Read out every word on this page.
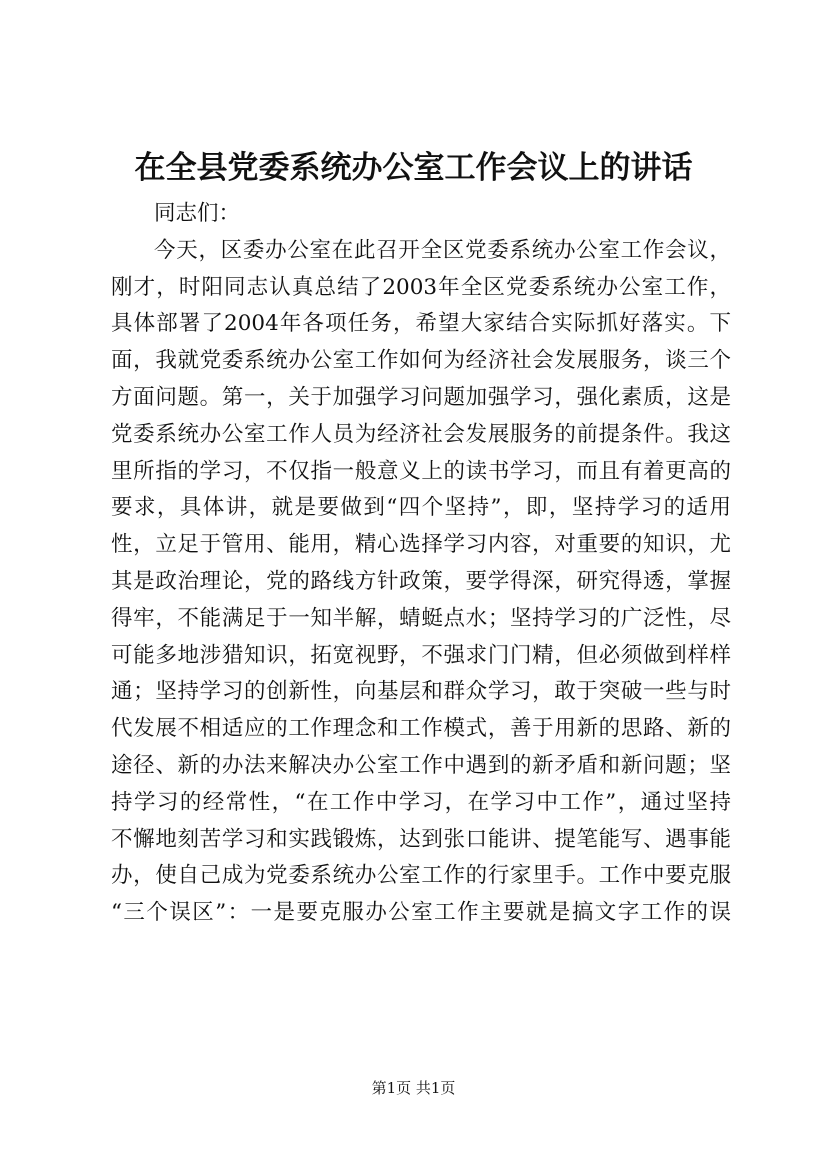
在全县党委系统办公室工作会议上的讲话
同志们：
今天，区委办公室在此召开全区党委系统办公室工作会议，
刚才，时阳同志认真总结了2003年全区党委系统办公室工作，
具体部署了2004年各项任务，希望大家结合实际抓好落实。下
面，我就党委系统办公室工作如何为经济社会发展服务，谈三个
方面问题。第一，关于加强学习问题加强学习，强化素质，这是
党委系统办公室工作人员为经济社会发展服务的前提条件。我这
里所指的学习，不仅指一般意义上的读书学习，而且有着更高的
要求，具体讲，就是要做到“四个坚持”，即，坚持学习的适用
性，立足于管用、能用，精心选择学习内容，对重要的知识，尤
其是政治理论，党的路线方针政策，要学得深，研究得透，掌握
得牢，不能满足于一知半解，蜻蜓点水；坚持学习的广泛性，尽
可能多地涉猎知识，拓宽视野，不强求门门精，但必须做到样样
通；坚持学习的创新性，向基层和群众学习，敢于突破一些与时
代发展不相适应的工作理念和工作模式，善于用新的思路、新的
途径、新的办法来解决办公室工作中遇到的新矛盾和新问题；坚
持学习的经常性，“在工作中学习，在学习中工作”，通过坚持
不懈地刻苦学习和实践锻炼，达到张口能讲、提笔能写、遇事能
办，使自己成为党委系统办公室工作的行家里手。工作中要克服
“三个误区”：一是要克服办公室工作主要就是搞文字工作的误
第1页 共1页
